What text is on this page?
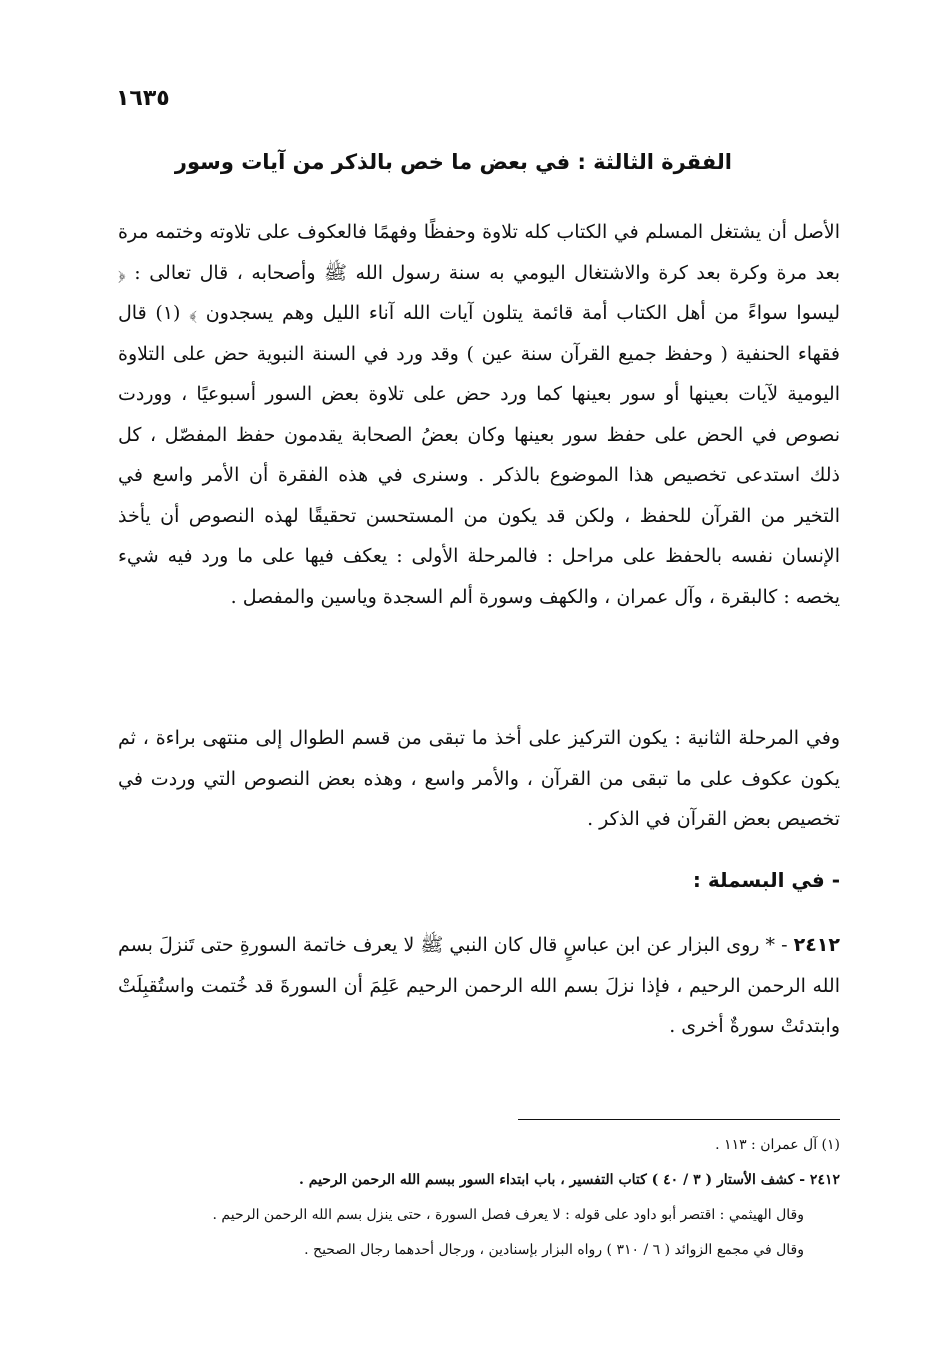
١٦٣٥
الفقرة الثالثة : في بعض ما خص بالذكر من آيات وسور
الأصل أن يشتغل المسلم في الكتاب كله تلاوة وحفظًا وفهمًا فالعكوف على تلاوته وختمه مرة بعد مرة وكرة بعد كرة والاشتغال اليومي به سنة رسول الله ﷺ وأصحابه ، قال تعالى : ﴿ ليسوا سواءً من أهل الكتاب أمة قائمة يتلون آيات الله آناء الليل وهم يسجدون ﴾ (١) قال فقهاء الحنفية ( وحفظ جميع القرآن سنة عين ) وقد ورد في السنة النبوية حض على التلاوة اليومية لآيات بعينها أو سور بعينها كما ورد حض على تلاوة بعض السور أسبوعيًا ، ووردت نصوص في الحض على حفظ سور بعينها وكان بعضُ الصحابة يقدمون حفظ المفصّل ، كل ذلك استدعى تخصيص هذا الموضوع بالذكر . وسنرى في هذه الفقرة أن الأمر واسع في التخير من القرآن للحفظ ، ولكن قد يكون من المستحسن تحقيقًا لهذه النصوص أن يأخذ الإنسان نفسه بالحفظ على مراحل : فالمرحلة الأولى : يعكف فيها على ما ورد فيه شيء يخصه : كالبقرة ، وآل عمران ، والكهف وسورة ألم السجدة وياسين والمفصل .
وفي المرحلة الثانية : يكون التركيز على أخذ ما تبقى من قسم الطوال إلى منتهى براءة ، ثم يكون عكوف على ما تبقى من القرآن ، والأمر واسع ، وهذه بعض النصوص التي وردت في تخصيص بعض القرآن في الذكر .
- في البسملة :
٢٤١٢ - * روى البزار عن ابن عباسٍ قال كان النبي ﷺ لا يعرف خاتمة السورةِ حتى تَنزلَ بسم الله الرحمن الرحيم ، فإذا نزلَ بسم الله الرحمن الرحيم عَلِمَ أن السورةَ قد خُتمت واستُقبِلَتْ وابتدئتْ سورةٌ أخرى .
(١) آل عمران : ١١٣ .
٢٤١٢ - كشف الأستار ( ٣ / ٤٠ ) كتاب التفسير ، باب ابتداء السور ببسم الله الرحمن الرحيم .
وقال الهيثمي : اقتصر أبو داود على قوله : لا يعرف فصل السورة ، حتى ينزل بسم الله الرحمن الرحيم .
وقال في مجمع الزوائد ( ٦ / ٣١٠ ) رواه البزار بإسنادين ، ورجال أحدهما رجال الصحيح .
